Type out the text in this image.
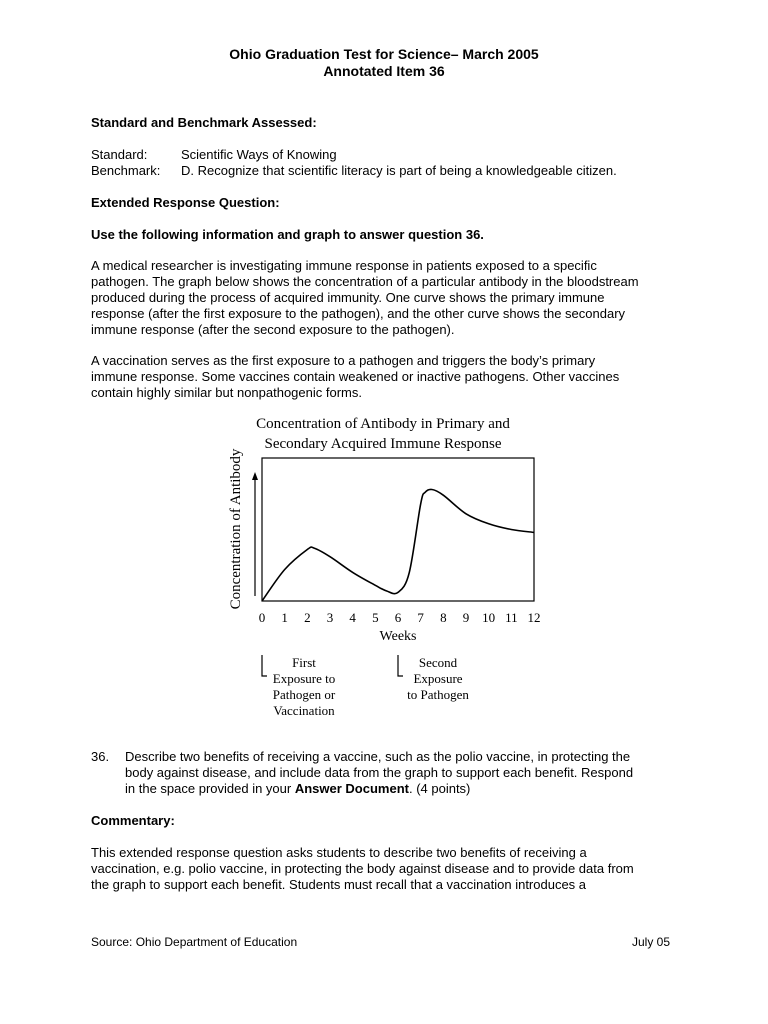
Ohio Graduation Test for Science– March 2005
Annotated Item 36
Standard and Benchmark Assessed:
Standard:	Scientific Ways of Knowing
Benchmark: D. Recognize that scientific literacy is part of being a knowledgeable citizen.
Extended Response Question:
Use the following information and graph to answer question 36.
A medical researcher is investigating immune response in patients exposed to a specific
pathogen. The graph below shows the concentration of a particular antibody in the bloodstream
produced during the process of acquired immunity. One curve shows the primary immune
response (after the first exposure to the pathogen), and the other curve shows the secondary
immune response (after the second exposure to the pathogen).
A vaccination serves as the first exposure to a pathogen and triggers the body’s primary
immune response. Some vaccines contain weakened or inactive pathogens. Other vaccines
contain highly similar but nonpathogenic forms.
Concentration of Antibody in Primary and
Secondary Acquired Immune Response
Concentration of Antibody
0 1 2 3 4 5 6 7 8 9 10 11 12
Weeks
First
Exposure to
Pathogen or
Vaccination
Second
Exposure
to Pathogen
36.	Describe two benefits of receiving a vaccine, such as the polio vaccine, in protecting the
body against disease, and include data from the graph to support each benefit. Respond
in the space provided in your Answer Document. (4 points)
Commentary:
This extended response question asks students to describe two benefits of receiving a
vaccination, e.g. polio vaccine, in protecting the body against disease and to provide data from
the graph to support each benefit. Students must recall that a vaccination introduces a
Source: Ohio Department of Education	July 05
